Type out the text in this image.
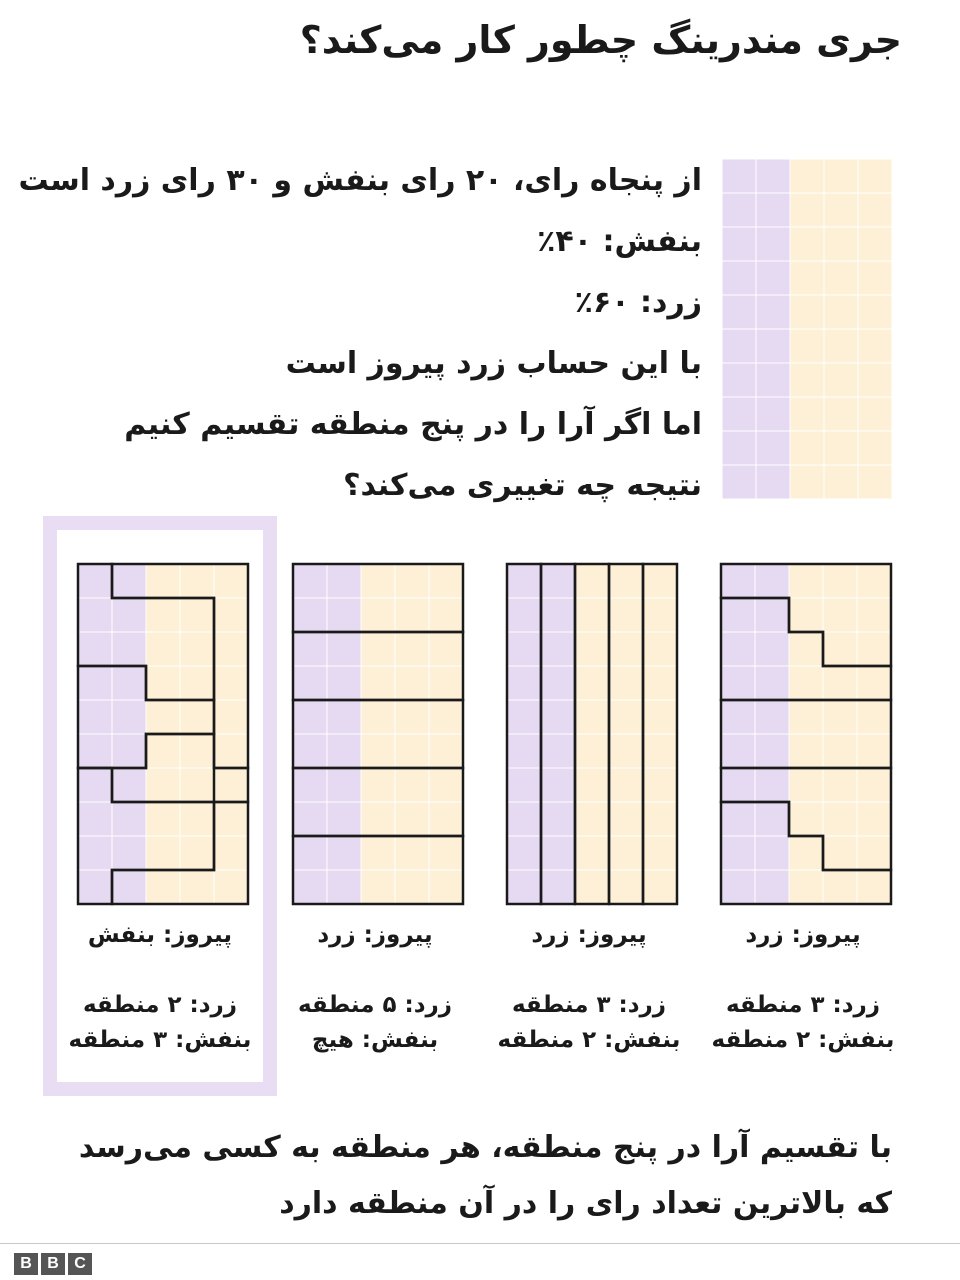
جری مندرینگ چطور کار می‌کند؟
از پنجاه رای، ۲۰ رای بنفش و ۳۰ رای زرد است
بنفش: ۴۰٪
زرد: ۶۰٪
با این حساب زرد پیروز است
اما اگر آرا را در پنج منطقه تقسیم کنیم
نتیجه چه تغییری می‌کند؟
پیروز: زرد
پیروز: زرد
پیروز: زرد
پیروز: بنفش
زرد: ۳ منطقه
بنفش: ۲ منطقه
زرد: ۳ منطقه
بنفش: ۲ منطقه
زرد: ۵ منطقه
بنفش: هیچ
زرد: ۲ منطقه
بنفش: ۳ منطقه
با تقسیم آرا در پنج منطقه، هر منطقه به کسی می‌رسد
که بالاترین تعداد رای را در آن منطقه دارد
B B C
